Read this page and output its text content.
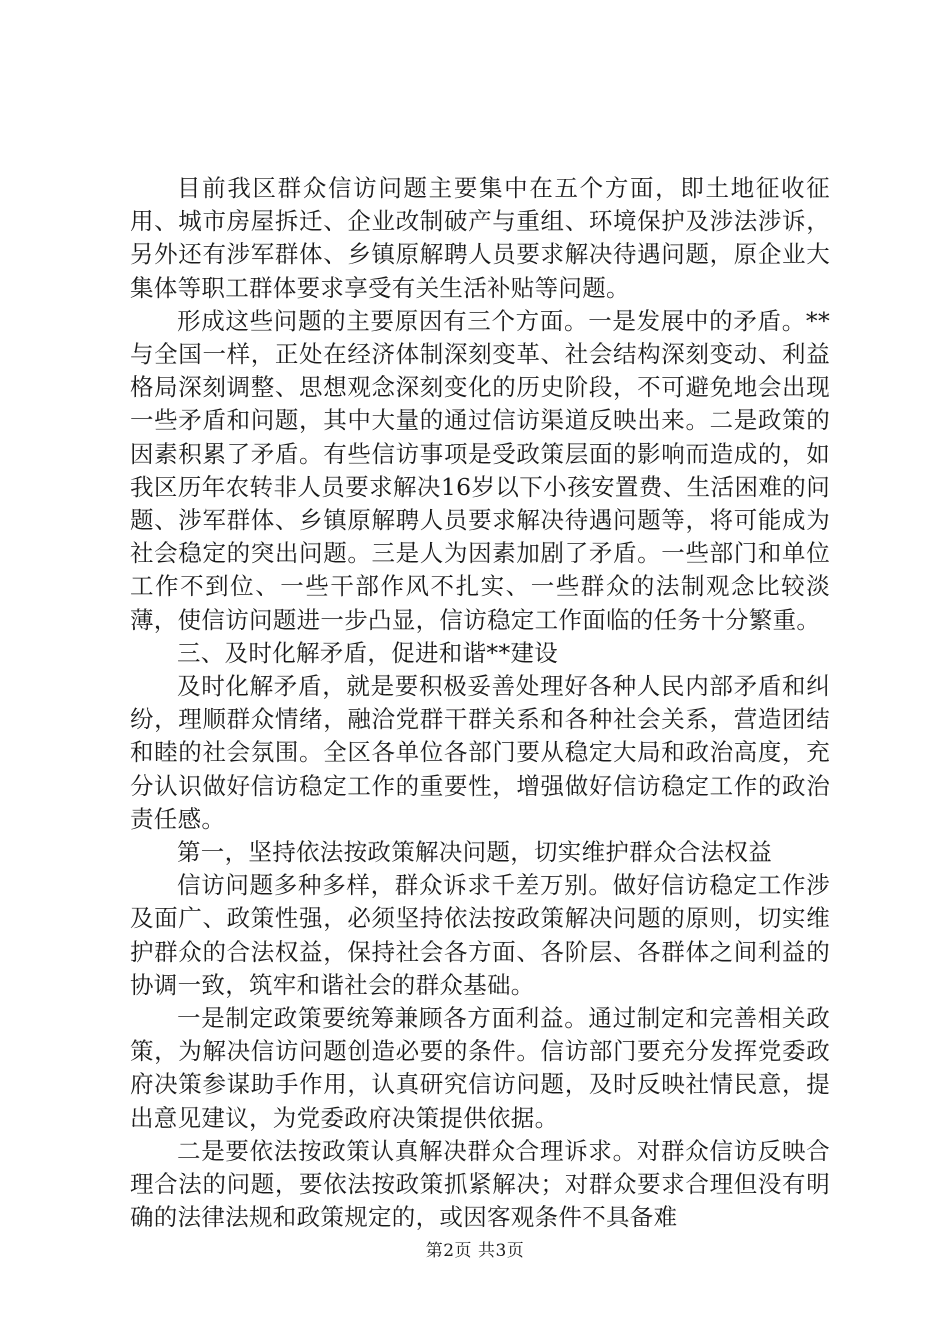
目前我区群众信访问题主要集中在五个方面，即土地征收征用、城市房屋拆迁、企业改制破产与重组、环境保护及涉法涉诉，另外还有涉军群体、乡镇原解聘人员要求解决待遇问题，原企业大集体等职工群体要求享受有关生活补贴等问题。

形成这些问题的主要原因有三个方面。一是发展中的矛盾。**与全国一样，正处在经济体制深刻变革、社会结构深刻变动、利益格局深刻调整、思想观念深刻变化的历史阶段，不可避免地会出现一些矛盾和问题，其中大量的通过信访渠道反映出来。二是政策的因素积累了矛盾。有些信访事项是受政策层面的影响而造成的，如我区历年农转非人员要求解决16岁以下小孩安置费、生活困难的问题、涉军群体、乡镇原解聘人员要求解决待遇问题等，将可能成为社会稳定的突出问题。三是人为因素加剧了矛盾。一些部门和单位工作不到位、一些干部作风不扎实、一些群众的法制观念比较淡薄，使信访问题进一步凸显，信访稳定工作面临的任务十分繁重。

三、及时化解矛盾，促进和谐**建设

及时化解矛盾，就是要积极妥善处理好各种人民内部矛盾和纠纷，理顺群众情绪，融洽党群干群关系和各种社会关系，营造团结和睦的社会氛围。全区各单位各部门要从稳定大局和政治高度，充分认识做好信访稳定工作的重要性，增强做好信访稳定工作的政治责任感。

第一，坚持依法按政策解决问题，切实维护群众合法权益

信访问题多种多样，群众诉求千差万别。做好信访稳定工作涉及面广、政策性强，必须坚持依法按政策解决问题的原则，切实维护群众的合法权益，保持社会各方面、各阶层、各群体之间利益的协调一致，筑牢和谐社会的群众基础。

一是制定政策要统筹兼顾各方面利益。通过制定和完善相关政策，为解决信访问题创造必要的条件。信访部门要充分发挥党委政府决策参谋助手作用，认真研究信访问题，及时反映社情民意，提出意见建议，为党委政府决策提供依据。

二是要依法按政策认真解决群众合理诉求。对群众信访反映合理合法的问题，要依法按政策抓紧解决；对群众要求合理但没有明确的法律法规和政策规定的，或因客观条件不具备难

第2页 共3页
